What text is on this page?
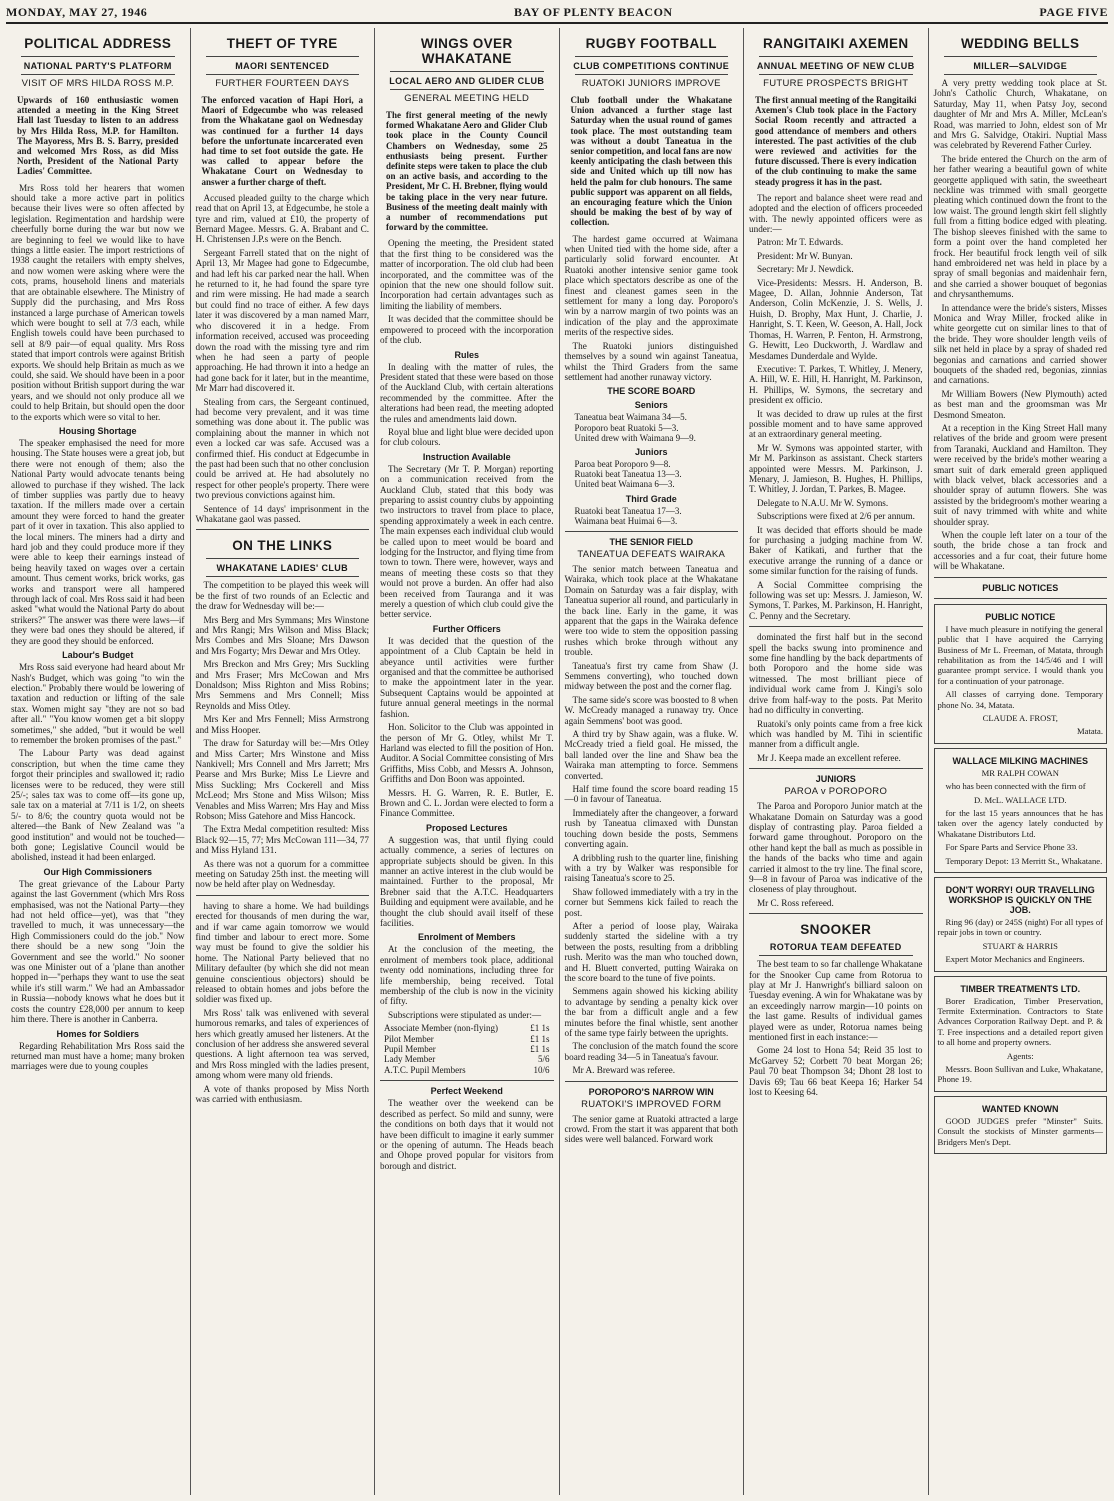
MONDAY, MAY 27, 1946	BAY OF PLENTY BEACON	PAGE FIVE
POLITICAL ADDRESS
NATIONAL PARTY'S PLATFORM
VISIT OF MRS HILDA ROSS M.P.
Upwards of 160 enthusiastic women attended a meeting in the King Street Hall last Tuesday to listen to an address by Mrs Hilda Ross, M.P. for Hamilton. The Mayoress, Mrs B. S. Barry, presided and welcomed Mrs Ross, as did Miss North, President of the National Party Ladies' Committee.

Mrs Ross told her hearers that women should take a more active part in politics because their lives were so often affected by legislation. Regimentation and hardship were cheerfully borne during the war but now we are beginning to feel we would like to have things a little easier. The import restrictions of 1938 caught the retailers with empty shelves, and now women were asking where were the cots, prams, household linens and materials that are obtainable elsewhere. The Ministry of Supply did the purchasing, and Mrs Ross instanced a large purchase of American towels which were bought to sell at 7/3 each, while English towels could have been purchased to sell at 8/9 pair—of equal quality. Mrs Ross stated that import controls were against British exports. We should help Britain as much as we could, she said. We should have been in a poor position without British support during the war years, and we should not only produce all we could to help Britain, but should open the door to the exports which were so vital to her.

Housing Shortage

The speaker emphasised the need for more housing. The State houses were a great job, but there were not enough of them; also the National Party would advocate tenants being allowed to purchase if they wished. The lack of timber supplies was partly due to heavy taxation. If the millers made over a certain amount they were forced to hand the greater part of it over in taxation. This also applied to the local miners. The miners had a dirty and hard job and they could produce more if they were able to keep their earnings instead of being heavily taxed on wages over a certain amount. Thus cement works, brick works, gas works and transport were all hampered through lack of coal. Mrs Ross said it had been asked "what would the National Party do about strikers?" The answer was there were laws—if they were bad ones they should be altered, if they are good they should be enforced.

Labour's Budget

Mrs Ross said everyone had heard about Mr Nash's Budget, which was going "to win the election." Probably there would be lowering of taxation and reduction or lifting of the sale stax. Women might say "they are not so bad after all." "You know women get a bit sloppy sometimes," she added, "but it would be well to remember the broken promises of the past."

The Labour Party was dead against conscription, but when the time came they forgot their principles and swallowed it; radio licenses were to be reduced, they were still 25/-; sales tax was to come off—its gone up, sale tax on a material at 7/11 is 1/2, on sheets 5/- to 8/6; the country quota would not be altered—the Bank of New Zealand was "a good institution" and would not be touched—both gone; Legislative Council would be abolished, instead it had been enlarged.

Our High Commissioners

The great grievance of the Labour Party against the last Government (which Mrs Ross emphasised, was not the National Party—they had not held office—yet), was that "they travelled to much, it was unnecessary—the High Commissioners could do the job." Now there should be a new song "Join the Government and see the world." No sooner was one Minister out of a 'plane than another hopped in—"perhaps they want to use the seat while it's still warm." We had an Ambassador in Russia—nobody knows what he does but it costs the country £28,000 per annum to keep him there. There is another in Canberra.

Homes for Soldiers

Regarding Rehabilitation Mrs Ross said the returned man must have a home; many broken marriages were due to young couples

THEFT OF TYRE
MAORI SENTENCED
FURTHER FOURTEEN DAYS
The enforced vacation of Hapi Hori, a Maori of Edgecumbe who was released from the Whakatane gaol on Wednesday was continued for a further 14 days before the unfortunate incarcerated even had time to set foot outside the gate. He was called to appear before the Whakatane Court on Wednesday to answer a further charge of theft.

Accused pleaded guilty to the charge which read that on April 13, at Edgecumbe, he stole a tyre and rim, valued at £10, the property of Bernard Magee. Messrs. G. A. Brabant and C. H. Christensen J.P.s were on the Bench.

Sergeant Farrell stated that on the night of April 13, Mr Magee had gone to Edgecumbe, and had left his car parked near the hall. When he returned to it, he had found the spare tyre and rim were missing. He had made a search but could find no trace of either. A few days later it was discovered by a man named Marr, who discovered it in a hedge. From information received, accused was proceeding down the road with the missing tyre and rim when he had seen a party of people approaching. He had thrown it into a hedge an had gone back for it later, but in the meantime, Mr Marr had discovered it.

Stealing from cars, the Sergeant continued, had become very prevalent, and it was time something was done about it. The public was complaining about the manner in which not even a locked car was safe. Accused was a confirmed thief. His conduct at Edgecumbe in the past had been such that no other conclusion could be arrived at. He had absolutely no respect for other people's property. There were two previous convictions against him.

Sentence of 14 days' imprisonment in the Whakatane gaol was passed.

ON THE LINKS
WHAKATANE LADIES' CLUB

The competition to be played this week will be the first of two rounds of an Eclectic and the draw for Wednesday will be:—

Mrs Berg and Mrs Symmans; Mrs Winstone and Mrs Rangi; Mrs Wilson and Miss Black; Mrs Combes and Mrs Sloane; Mrs Dawson and Mrs Fogarty; Mrs Dewar and Mrs Otley.

Mrs Breckon and Mrs Grey; Mrs Suckling and Mrs Fraser; Mrs McCowan and Mrs Donaldson; Miss Righton and Miss Robins; Mrs Semmens and Mrs Connell; Miss Reynolds and Miss Otley.

Mrs Ker and Mrs Fennell; Miss Armstrong and Miss Hooper.

The draw for Saturday will be:—Mrs Otley and Miss Carter; Mrs Winstone and Miss Nankivell; Mrs Connell and Mrs Jarrett; Mrs Pearse and Mrs Burke; Miss Le Lievre and Miss Suckling; Mrs Cockerell and Miss McLeod; Mrs Stone and Miss Wilson; Miss Venables and Miss Warren; Mrs Hay and Miss Robson; Miss Gatehore and Miss Hancock.

The Extra Medal competition resulted: Miss Black 92—15, 77; Mrs McCowan 111—34, 77 and Miss Hyland 131.

As there was not a quorum for a committee meeting on Satuday 25th inst. the meeting will now be held after play on Wednesday.

having to share a home. We had buildings erected for thousands of men during the war, and if war came again tomorrow we would find timber and labour to erect more. Some way must be found to give the soldier his home. The National Party believed that no Military defaulter (by which she did not mean genuine conscientious objectors) should be released to obtain homes and jobs before the soldier was fixed up.

Mrs Ross' talk was enlivened with several humorous remarks, and tales of experiences of hers which greatly amused her listeners. At the conclusion of her address she answered several questions. A light afternoon tea was served, and Mrs Ross mingled with the ladies present, among whom were many old friends.

A vote of thanks proposed by Miss North was carried with enthusiasm.

WINGS OVER WHAKATANE
LOCAL AERO AND GLIDER CLUB
GENERAL MEETING HELD
The first general meeting of the newly formed Whakatane Aero and Glider Club took place in the County Council Chambers on Wednesday, some 25 enthusiasts being present. Further definite steps were taken to place the club on an active basis, and according to the President, Mr C. H. Brebner, flying would be taking place in the very near future. Business of the meeting dealt mainly with a number of recommendations put forward by the committee.

Opening the meeting, the President stated that the first thing to be considered was the matter of incorporation. The old club had been incorporated, and the committee was of the opinion that the new one should follow suit. Incorporation had certain advantages such as limiting the liability of members.

It was decided that the committee should be empowered to proceed with the incorporation of the club.

Rules

In dealing with the matter of rules, the President stated that these were based on those of the Auckland Club, with certain alterations recommended by the committee. After the alterations had been read, the meeting adopted the rules and amendments laid down.

Royal blue and light blue were decided upon for club colours.

Instruction Available

The Secretary (Mr T. P. Morgan) reporting on a communication received from the Auckland Club, stated that this body was preparing to assist country clubs by appointing two instructors to travel from place to place, spending approximately a week in each centre. The main expenses each individual club would be called upon to meet would be board and lodging for the Instructor, and flying time from town to town. There were, however, ways and means of meeting these costs so that they would not prove a burden. An offer had also been received from Tauranga and it was merely a question of which club could give the better service.

Further Officers

It was decided that the question of the appointment of a Club Captain be held in abeyance until activities were further organised and that the committee be authorised to make the appointment later in the year. Subsequent Captains would be appointed at future annual general meetings in the normal fashion.

Hon. Solicitor to the Club was appointed in the person of Mr G. Otley, whilst Mr T. Harland was elected to fill the position of Hon. Auditor. A Social Committee consisting of Mrs Griffiths, Miss Cobb, and Messrs A. Johnson, Griffiths and Don Boon was appointed.

Messrs. H. G. Warren, R. E. Butler, E. Brown and C. L. Jordan were elected to form a Finance Committee.

Proposed Lectures

A suggestion was, that until flying could actually commence, a series of lectures on appropriate subjects should be given. In this manner an active interest in the club would be maintained. Further to the proposal, Mr Brebner said that the A.T.C. Headquarters Building and equipment were available, and he thought the club should avail itself of these facilities.

Enrolment of Members

At the conclusion of the meeting, the enrolment of members took place, additional twenty odd nominations, including three for life membership, being received. Total membership of the club is now in the vicinity of fifty.

Subscriptions were stipulated as under:—

Associate Member (non-flying)	£1 1s
Pilot Member	£1 1s
Pupil Member	£1 1s
Lady Member	5/6
A.T.C. Pupil Members	10/6
Perfect Weekend

The weather over the weekend can be described as perfect. So mild and sunny, were the conditions on both days that it would not have been difficult to imagine it early summer or the opening of autumn. The Heads beach and Ohope proved popular for visitors from borough and district.

RUGBY FOOTBALL
CLUB COMPETITIONS CONTINUE
RUATOKI JUNIORS IMPROVE
Club football under the Whakatane Union advanced a further stage last Saturday when the usual round of games took place. The most outstanding team was without a doubt Taneatua in the senior competition, and local fans are now keenly anticipating the clash between this side and United which up till now has held the palm for club honours. The same public support was apparent on all fields, an encouraging feature which the Union should be making the best of by way of collection.

The hardest game occurred at Waimana when United tied with the home side, after a particularly solid forward encounter. At Ruatoki another intensive senior game took place which spectators describe as one of the finest and cleanest games seen in the settlement for many a long day. Poroporo's win by a narrow margin of two points was an indication of the play and the approximate merits of the respective sides.

The Ruatoki juniors distinguished themselves by a sound win against Taneatua, whilst the Third Graders from the same settlement had another runaway victory.

THE SCORE BOARD
Seniors
Taneatua beat Waimana 34—5.
Poroporo beat Ruatoki 5—3.
United drew with Waimana 9—9.
Juniors
Paroa beat Poroporo 9—8.
Ruatoki beat Taneatua 13—3.
United beat Waimana 6—3.
Third Grade
Ruatoki beat Taneatua 17—3.
Waimana beat Huimai 6—3.
THE SENIOR FIELD
TANEATUA DEFEATS WAIRAKA

The senior match between Taneatua and Wairaka, which took place at the Whakatane Domain on Saturday was a fair display, with Taneatua superior all round, and particularly in the back line. Early in the game, it was apparent that the gaps in the Wairaka defence were too wide to stem the opposition passing rushes which broke through without any trouble.

Taneatua's first try came from Shaw (J. Semmens converting), who touched down midway between the post and the corner flag.

The same side's score was boosted to 8 when W. McCready managed a runaway try. Once again Semmens' boot was good.

A third try by Shaw again, was a fluke. W. McCready tried a field goal. He missed, the ball landed over the line and Shaw bea the Wairaka man attempting to force. Semmens converted.

Half time found the score board reading 15—0 in favour of Taneatua.

Immediately after the changeover, a forward rush by Taneatua climaxed with Dunstan touching down beside the posts, Semmens converting again.

A dribbling rush to the quarter line, finishing with a try by Walker was responsible for raising Taneatua's score to 25.

Shaw followed immediately with a try in the corner but Semmens kick failed to reach the post.

After a period of loose play, Wairaka suddenly started the sideline with a try between the posts, resulting from a dribbling rush. Merito was the man who touched down, and H. Bluett converted, putting Wairaka on the score board to the tune of five points.

Semmens again showed his kicking ability to advantage by sending a penalty kick over the bar from a difficult angle and a few minutes before the final whistle, sent another of the same type fairly between the uprights.

The conclusion of the match found the score board reading 34—5 in Taneatua's favour.

Mr A. Breward was referee.

POROPORO'S NARROW WIN
RUATOKI'S IMPROVED FORM

The senior game at Ruatoki attracted a large crowd. From the start it was apparent that both sides were well balanced. Forward work

RANGITAIKI AXEMEN
ANNUAL MEETING OF NEW CLUB
FUTURE PROSPECTS BRIGHT
The first annual meeting of the Rangitaiki Axemen's Club took place in the Factory Social Room recently and attracted a good attendance of members and others interested. The past activities of the club were reviewed and activities for the future discussed. There is every indication of the club continuing to make the same steady progress it has in the past.

The report and balance sheet were read and adopted and the election of officers proceeded with. The newly appointed officers were as under:—

Patron: Mr T. Edwards.

President: Mr W. Bunyan.

Secretary: Mr J. Newdick.

Vice-Presidents: Messrs. H. Anderson, B. Magee, D. Allan, Johnnie Anderson, Tat Anderson, Colin McKenzie, J. S. Wells, J. Huish, D. Brophy, Max Hunt, J. Charlie, J. Hanright, S. T. Keen, W. Geeson, A. Hall, Jock Thomas, H. Warren, P. Fenton, H. Armstrong, G. Hewitt, Leo Duckworth, J. Wardlaw and Mesdames Dunderdale and Wylde.

Executive: T. Parkes, T. Whitley, J. Menery, A. Hill, W. E. Hill, H. Hanright, M. Parkinson, H. Phillips, W. Symons, the secretary and president ex officio.

It was decided to draw up rules at the first possible moment and to have same approved at an extraordinary general meeting.

Mr W. Symons was appointed starter, with Mr M. Parkinson as assistant. Check starters appointed were Messrs. M. Parkinson, J. Menary, J. Jamieson, B. Hughes, H. Phillips, T. Whitley, J. Jordan, T. Parkes, B. Magee.

Delegate to N.A.U. Mr W. Symons.

Subscriptions were fixed at 2/6 per annum.

It was decided that efforts should be made for purchasing a judging machine from W. Baker of Katikati, and further that the executive arrange the running of a dance or some similar function for the raising of funds.

A Social Committee comprising the following was set up: Messrs. J. Jamieson, W. Symons, T. Parkes, M. Parkinson, H. Hanright, C. Penny and the Secretary.

dominated the first half but in the second spell the backs swung into prominence and some fine handling by the back departments of both Poroporo and the home side was witnessed. The most brilliant piece of individual work came from J. Kingi's solo drive from half-way to the posts. Pat Merito had no difficulty in converting.

Ruatoki's only points came from a free kick which was handled by M. Tihi in scientific manner from a difficult angle.

Mr J. Keepa made an excellent referee.

JUNIORS
PAROA v POROPORO

The Paroa and Poroporo Junior match at the Whakatane Domain on Saturday was a good display of contrasting play. Paroa fielded a forward game throughout. Poroporo on the other hand kept the ball as much as possible in the hands of the backs who time and again carried it almost to the try line. The final score, 9—8 in favour of Paroa was indicative of the closeness of play throughout.

Mr C. Ross refereed.

SNOOKER
ROTORUA TEAM DEFEATED

The best team to so far challenge Whakatane for the Snooker Cup came from Rotorua to play at Mr J. Hanwright's billiard saloon on Tuesday evening. A win for Whakatane was by an exceedingly narrow margin—10 points on the last game. Results of individual games played were as under, Rotorua names being mentioned first in each instance:—

Gome 24 lost to Hona 54; Reid 35 lost to McGarvey 52; Corbett 70 beat Morgan 26; Paul 70 beat Thompson 34; Dhont 28 lost to Davis 69; Tau 66 beat Keepa 16; Harker 54 lost to Keesing 64.

WEDDING BELLS
MILLER—SALVIDGE

A very pretty wedding took place at St. John's Catholic Church, Whakatane, on Saturday, May 11, when Patsy Joy, second daughter of Mr and Mrs A. Miller, McLean's Road, was married to John, eldest son of Mr and Mrs G. Salvidge, Otakiri. Nuptial Mass was celebrated by Reverend Father Curley.

The bride entered the Church on the arm of her father wearing a beautiful gown of white georgette appliqued with satin, the sweetheart neckline was trimmed with small georgette pleating which continued down the front to the low waist. The ground length skirt fell slightly full from a fitting bodice edged with pleating. The bishop sleeves finished with the same to form a point over the hand completed her frock. Her beautiful frock length veil of silk hand embroidered net was held in place by a spray of small begonias and maidenhair fern, and she carried a shower bouquet of begonias and chrysanthemums.

In attendance were the bride's sisters, Misses Monica and Wray Miller, frocked alike in white georgette cut on similar lines to that of the bride. They wore shoulder length veils of silk net held in place by a spray of shaded red begonias and carnations and carried shower bouquets of the shaded red, begonias, zinnias and carnations.

Mr William Bowers (New Plymouth) acted as best man and the groomsman was Mr Desmond Smeaton.

At a reception in the King Street Hall many relatives of the bride and groom were present from Taranaki, Auckland and Hamilton. They were received by the bride's mother wearing a smart suit of dark emerald green appliqued with black velvet, black accessories and a shoulder spray of autumn flowers. She was assisted by the bridegroom's mother wearing a suit of navy trimmed with white and white shoulder spray.

When the couple left later on a tour of the south, the bride chose a tan frock and accessories and a fur coat, their future home will be Whakatane.

PUBLIC NOTICES
PUBLIC NOTICE

I have much pleasure in notifying the general public that I have acquired the Carrying Business of Mr L. Freeman, of Matata, through rehabilitation as from the 14/5/46 and I will guarantee prompt service. I would thank you for a continuation of your patronage.

All classes of carrying done. Temporary phone No. 34, Matata.

CLAUDE A. FROST,

Matata.

WALLACE MILKING MACHINES

MR RALPH COWAN

who has been connected with the firm of

D. McL. WALLACE LTD.

for the last 15 years announces that he has taken over the agency lately conducted by Whakatane Distributors Ltd.

For Spare Parts and Service Phone 33.

Temporary Depot: 13 Merritt St., Whakatane.

DON'T WORRY! OUR TRAVELLING WORKSHOP IS QUICKLY ON THE JOB.

Ring 96 (day) or 245S (night) For all types of repair jobs in town or country.

STUART & HARRIS

Expert Motor Mechanics and Engineers.

TIMBER TREATMENTS LTD.

Borer Eradication, Timber Preservation, Termite Extermination. Contractors to State Advances Corporation Railway Dept. and P. & T. Free inspections and a detailed report given to all home and property owners.

Agents:

Messrs. Boon Sullivan and Luke, Whakatane, Phone 19.

WANTED KNOWN

GOOD JUDGES prefer "Minster" Suits. Consult the stockists of Minster garments—Bridgers Men's Dept.
